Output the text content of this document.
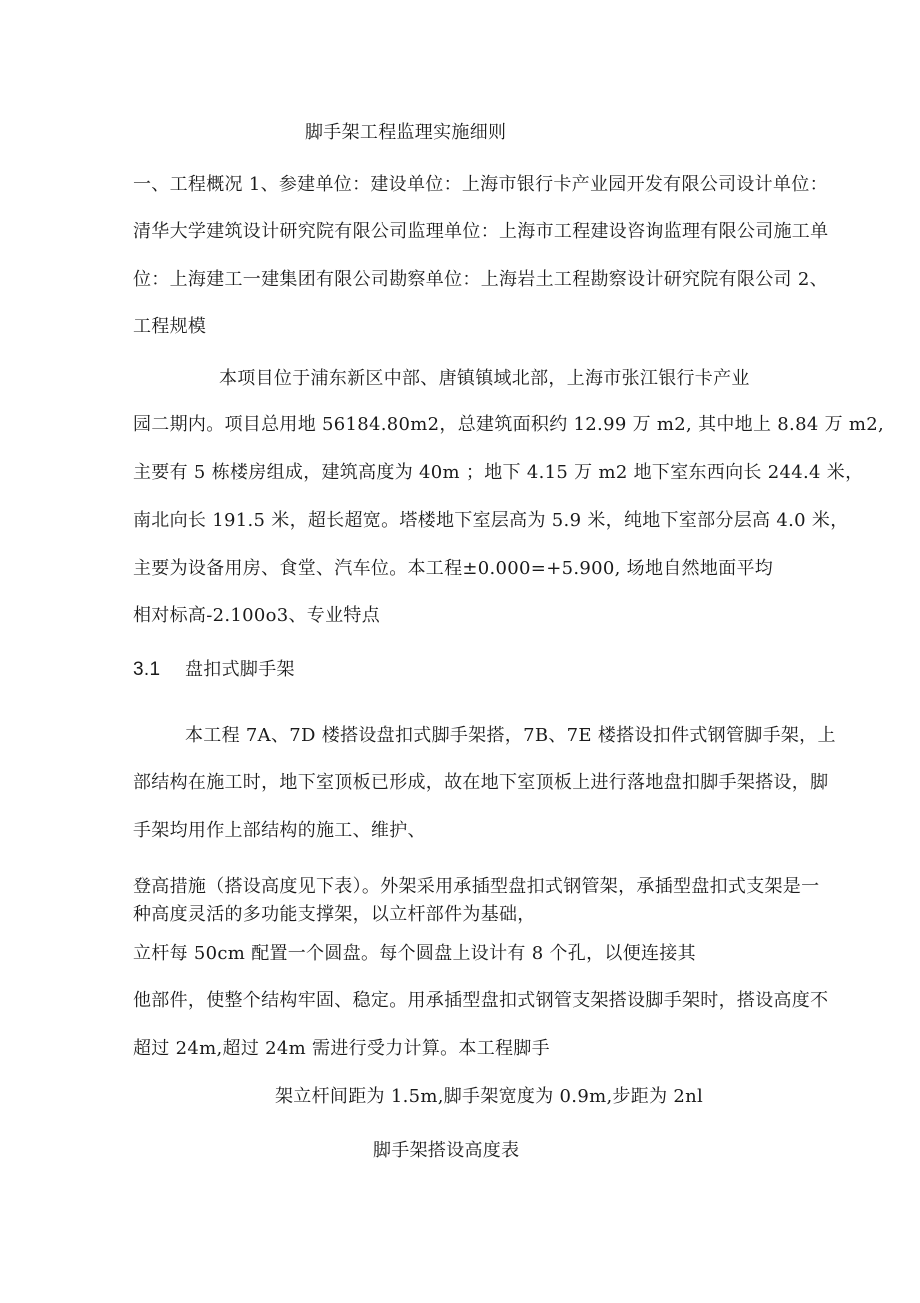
脚手架工程监理实施细则
一、工程概况 1、参建单位：建设单位：上海市银行卡产业园开发有限公司设计单位：
清华大学建筑设计研究院有限公司监理单位：上海市工程建设咨询监理有限公司施工单
位：上海建工一建集团有限公司勘察单位：上海岩土工程勘察设计研究院有限公司 2、
工程规模
本项目位于浦东新区中部、唐镇镇域北部，上海市张江银行卡产业
园二期内。项目总用地 56184.80m2，总建筑面积约 12.99 万 m2, 其中地上 8.84 万 m2,
主要有 5 栋楼房组成，建筑高度为 40m ；地下 4.15 万 m2 地下室东西向长 244.4 米，
南北向长 191.5 米，超长超宽。塔楼地下室层高为 5.9 米，纯地下室部分层高 4.0 米，
主要为设备用房、食堂、汽车位。本工程±0.000=+5.900, 场地自然地面平均
相对标高-2.100o3、专业特点
3.1 盘扣式脚手架
本工程 7A、7D 楼搭设盘扣式脚手架搭，7B、7E 楼搭设扣件式钢管脚手架，上
部结构在施工时，地下室顶板已形成，故在地下室顶板上进行落地盘扣脚手架搭设，脚
手架均用作上部结构的施工、维护、
登高措施（搭设高度见下表）。外架采用承插型盘扣式钢管架，承插型盘扣式支架是一
种高度灵活的多功能支撑架，以立杆部件为基础，
立杆每 50cm 配置一个圆盘。每个圆盘上设计有 8 个孔，以便连接其
他部件，使整个结构牢固、稳定。用承插型盘扣式钢管支架搭设脚手架时，搭设高度不
超过 24m,超过 24m 需进行受力计算。本工程脚手
架立杆间距为 1.5m,脚手架宽度为 0.9m,步距为 2nl
脚手架搭设高度表
